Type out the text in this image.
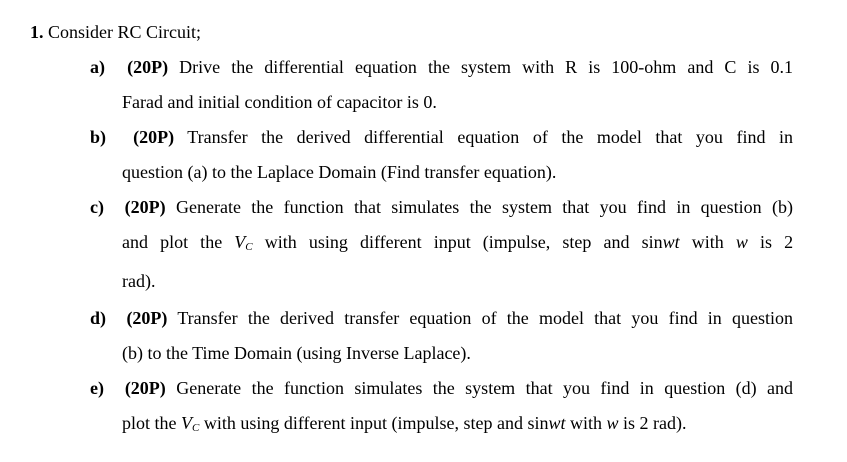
1. Consider RC Circuit;
a) (20P) Drive the differential equation the system with R is 100-ohm and C is 0.1
Farad and initial condition of capacitor is 0.
b) (20P) Transfer the derived differential equation of the model that you find in
question (a) to the Laplace Domain (Find transfer equation).
c) (20P) Generate the function that simulates the system that you find in question (b)
and plot the $V_C$ with using different input (impulse, step and sinwt with w is 2
rad).
d) (20P) Transfer the derived transfer equation of the model that you find in question
(b) to the Time Domain (using Inverse Laplace).
e) (20P) Generate the function simulates the system that you find in question (d) and
plot the $V_C$ with using different input (impulse, step and sinwt with w is 2 rad).
